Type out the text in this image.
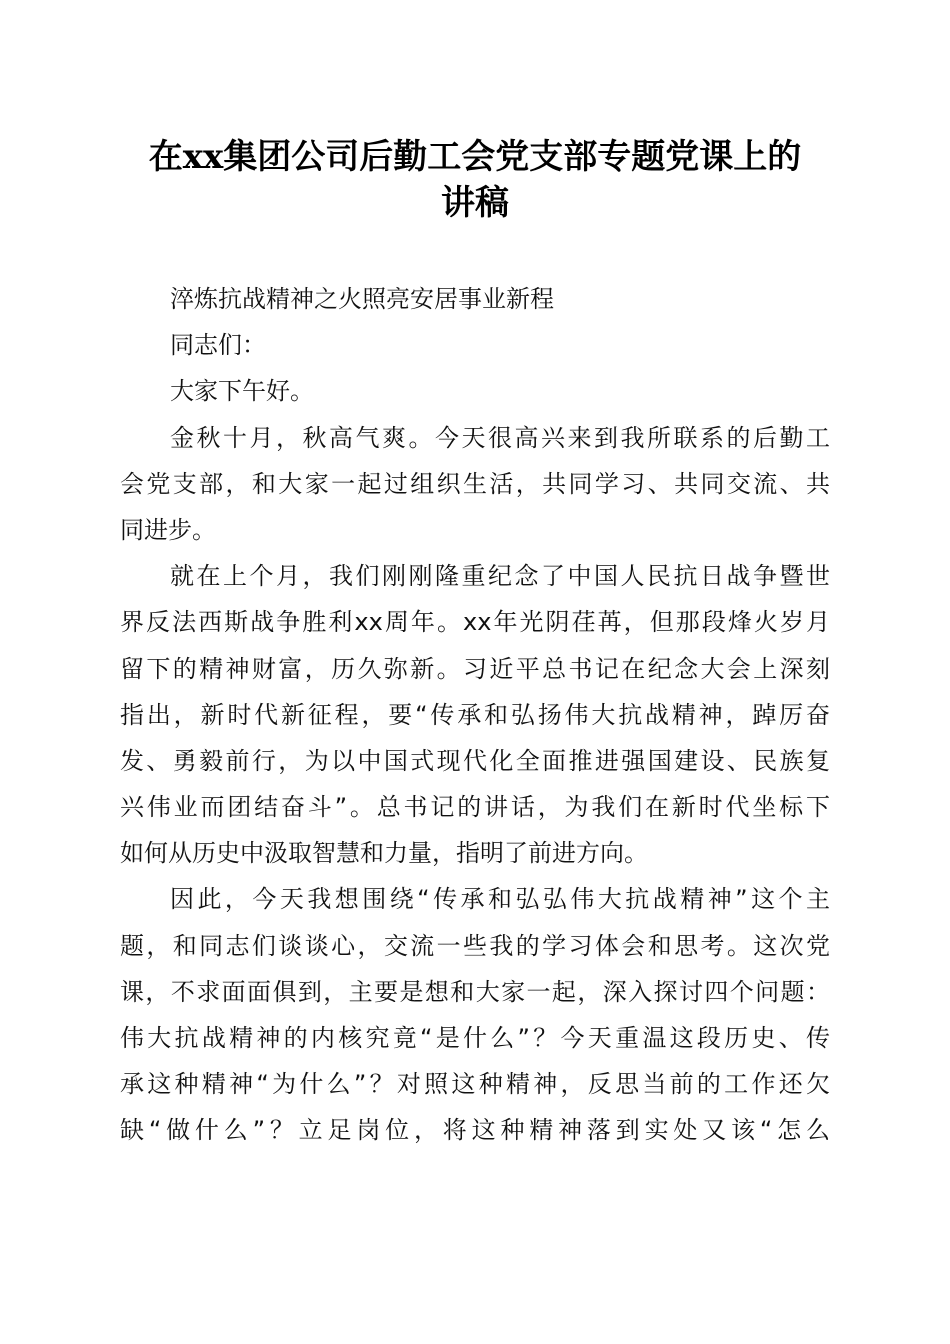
在xx集团公司后勤工会党支部专题党课上的
讲稿
淬炼抗战精神之火照亮安居事业新程
同志们：
大家下午好。
金秋十月，秋高气爽。今天很高兴来到我所联系的后勤工
会党支部，和大家一起过组织生活，共同学习、共同交流、共
同进步。
就在上个月，我们刚刚隆重纪念了中国人民抗日战争暨世
界反法西斯战争胜利xx周年。xx年光阴荏苒，但那段烽火岁月
留下的精神财富，历久弥新。习近平总书记在纪念大会上深刻
指出，新时代新征程，要“传承和弘扬伟大抗战精神，踔厉奋
发、勇毅前行，为以中国式现代化全面推进强国建设、民族复
兴伟业而团结奋斗”。总书记的讲话，为我们在新时代坐标下
如何从历史中汲取智慧和力量，指明了前进方向。
因此，今天我想围绕“传承和弘弘伟大抗战精神”这个主
题，和同志们谈谈心，交流一些我的学习体会和思考。这次党
课，不求面面俱到，主要是想和大家一起，深入探讨四个问题：
伟大抗战精神的内核究竟“是什么”？今天重温这段历史、传
承这种精神“为什么”？对照这种精神，反思当前的工作还欠
缺“做什么”？立足岗位，将这种精神落到实处又该“怎么
